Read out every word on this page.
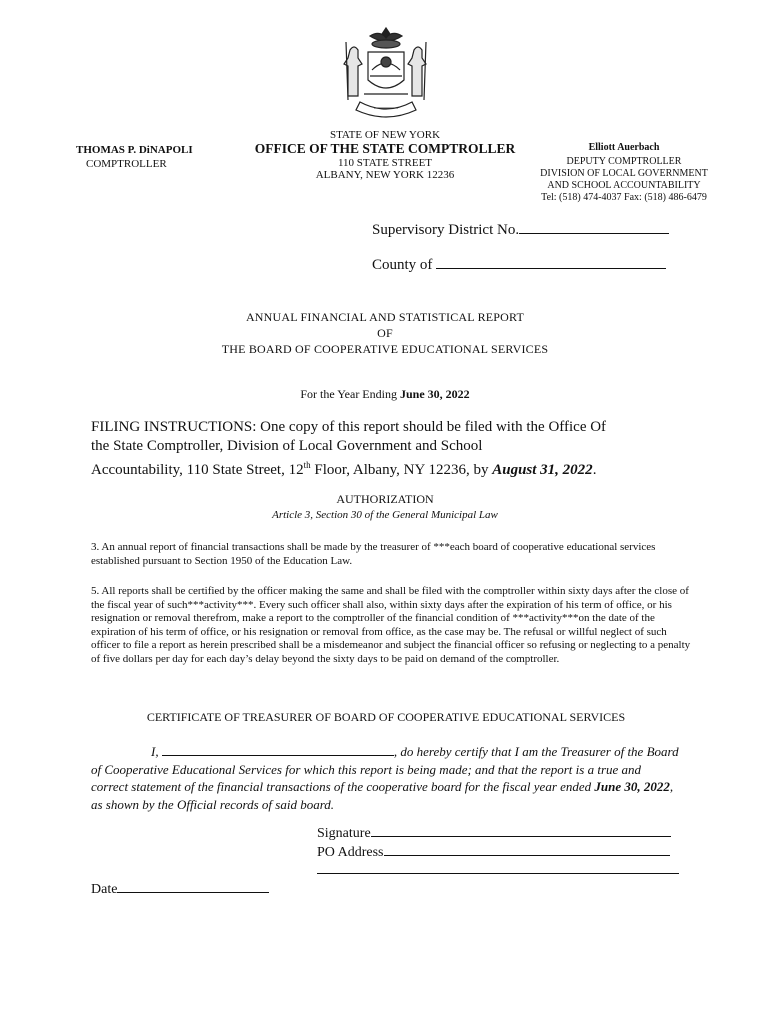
THOMAS P. DiNAPOLI
COMPTROLLER
STATE OF NEW YORK
OFFICE OF THE STATE COMPTROLLER
110 STATE STREET
ALBANY, NEW YORK 12236
Elliott Auerbach
DEPUTY COMPTROLLER
DIVISION OF LOCAL GOVERNMENT
AND SCHOOL ACCOUNTABILITY
Tel: (518) 474-4037 Fax: (518) 486-6479
Supervisory District No.
County of
ANNUAL FINANCIAL AND STATISTICAL REPORT
OF
THE BOARD OF COOPERATIVE EDUCATIONAL SERVICES
For the Year Ending June 30, 2022
FILING INSTRUCTIONS: One copy of this report should be filed with the Office Of
the State Comptroller, Division of Local Government and School
Accountability, 110 State Street, 12th Floor, Albany, NY 12236, by August 31, 2022.
AUTHORIZATION
Article 3, Section 30 of the General Municipal Law
3. An annual report of financial transactions shall be made by the treasurer of ***each board of cooperative educational services established pursuant to Section 1950 of the Education Law.
5. All reports shall be certified by the officer making the same and shall be filed with the comptroller within sixty days after the close of the fiscal year of such***activity***. Every such officer shall also, within sixty days after the expiration of his term of office, or his resignation or removal therefrom, make a report to the comptroller of the financial condition of ***activity***on the date of the expiration of his term of office, or his resignation or removal from office, as the case may be. The refusal or willful neglect of such officer to file a report as herein prescribed shall be a misdemeanor and subject the financial officer so refusing or neglecting to a penalty of five dollars per day for each day’s delay beyond the sixty days to be paid on demand of the comptroller.
CERTIFICATE OF TREASURER OF BOARD OF COOPERATIVE EDUCATIONAL SERVICES
I,	, do hereby certify that I am the Treasurer of the Board of Cooperative Educational Services for which this report is being made; and that the report is a true and correct statement of the financial transactions of the cooperative board for the fiscal year ended June 30, 2022, as shown by the Official records of said board.
Signature
PO Address
Date
